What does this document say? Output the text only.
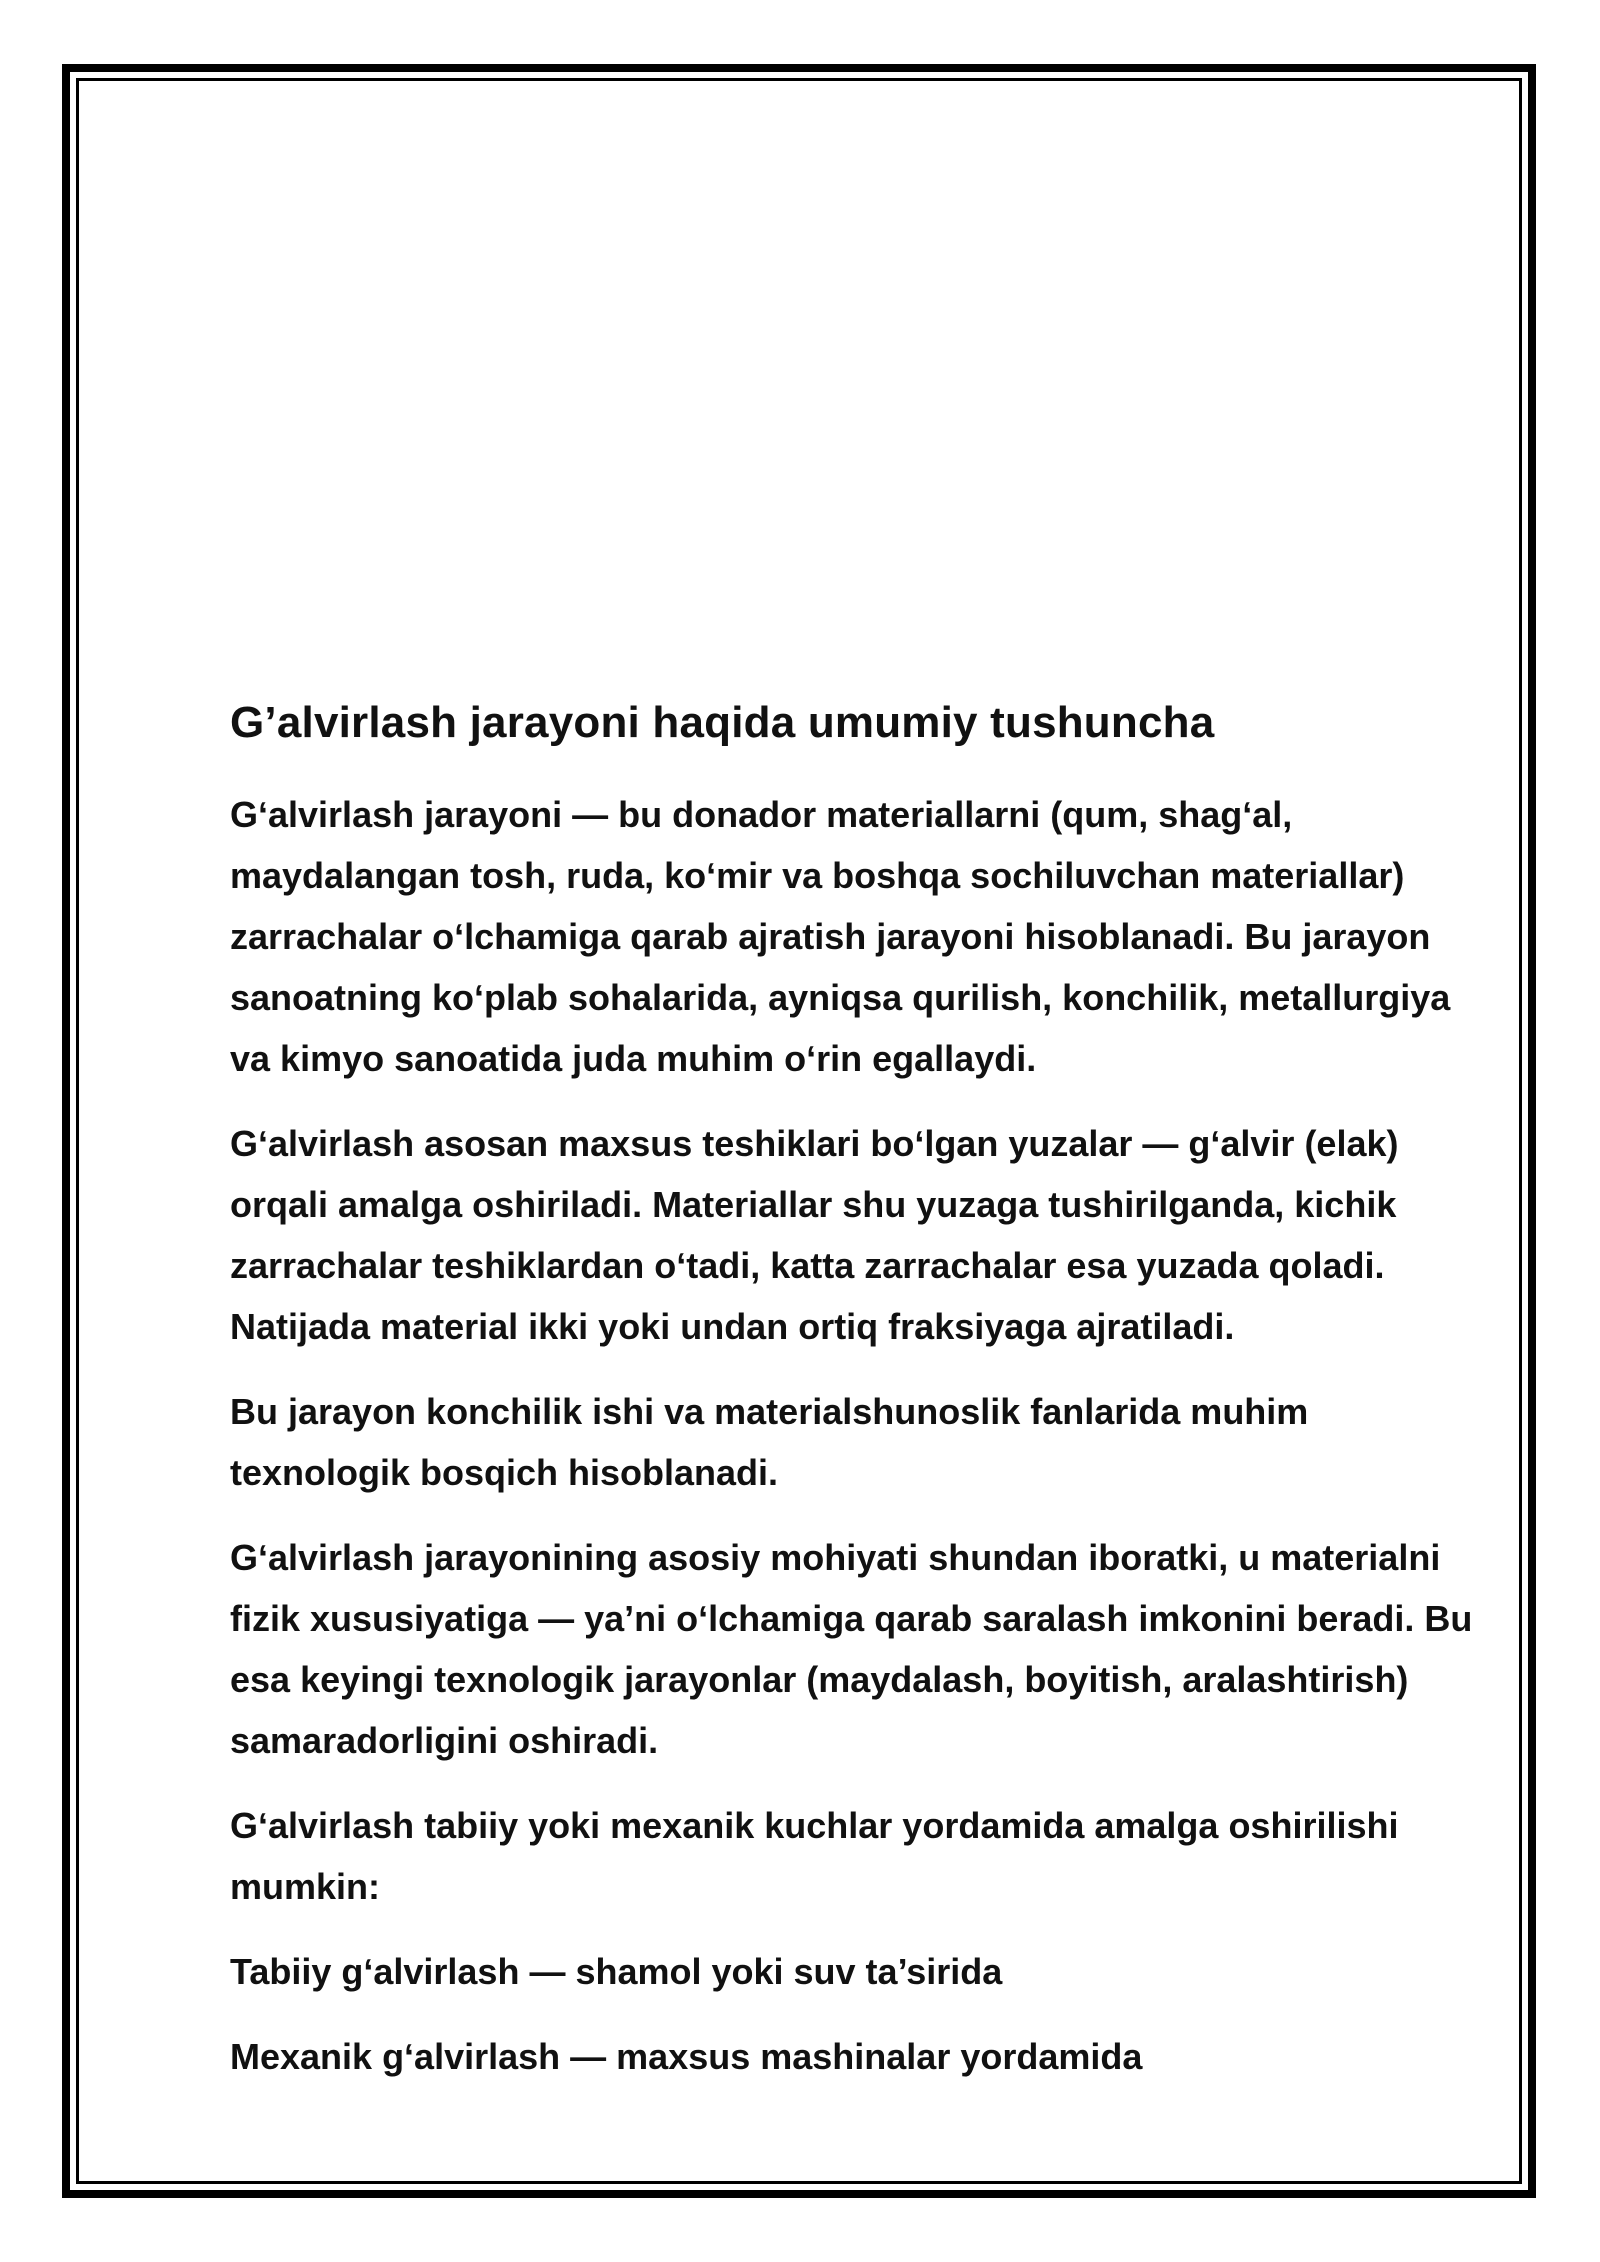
G’alvirlash jarayoni haqida umumiy tushuncha

Gʻalvirlash jarayoni — bu donador materiallarni (qum, shagʻal, maydalangan tosh, ruda, koʻmir va boshqa sochiluvchan materiallar) zarrachalar oʻlchamiga qarab ajratish jarayoni hisoblanadi. Bu jarayon sanoatning koʻplab sohalarida, ayniqsa qurilish, konchilik, metallurgiya va kimyo sanoatida juda muhim oʻrin egallaydi.

Gʻalvirlash asosan maxsus teshiklari boʻlgan yuzalar — gʻalvir (elak) orqali amalga oshiriladi. Materiallar shu yuzaga tushirilganda, kichik zarrachalar teshiklardan oʻtadi, katta zarrachalar esa yuzada qoladi. Natijada material ikki yoki undan ortiq fraksiyaga ajratiladi.

Bu jarayon konchilik ishi va materialshunoslik fanlarida muhim texnologik bosqich hisoblanadi.

Gʻalvirlash jarayonining asosiy mohiyati shundan iboratki, u materialni fizik xususiyatiga — ya’ni oʻlchamiga qarab saralash imkonini beradi. Bu esa keyingi texnologik jarayonlar (maydalash, boyitish, aralashtirish) samaradorligini oshiradi.

Gʻalvirlash tabiiy yoki mexanik kuchlar yordamida amalga oshirilishi mumkin:

Tabiiy gʻalvirlash — shamol yoki suv ta’sirida

Mexanik gʻalvirlash — maxsus mashinalar yordamida
